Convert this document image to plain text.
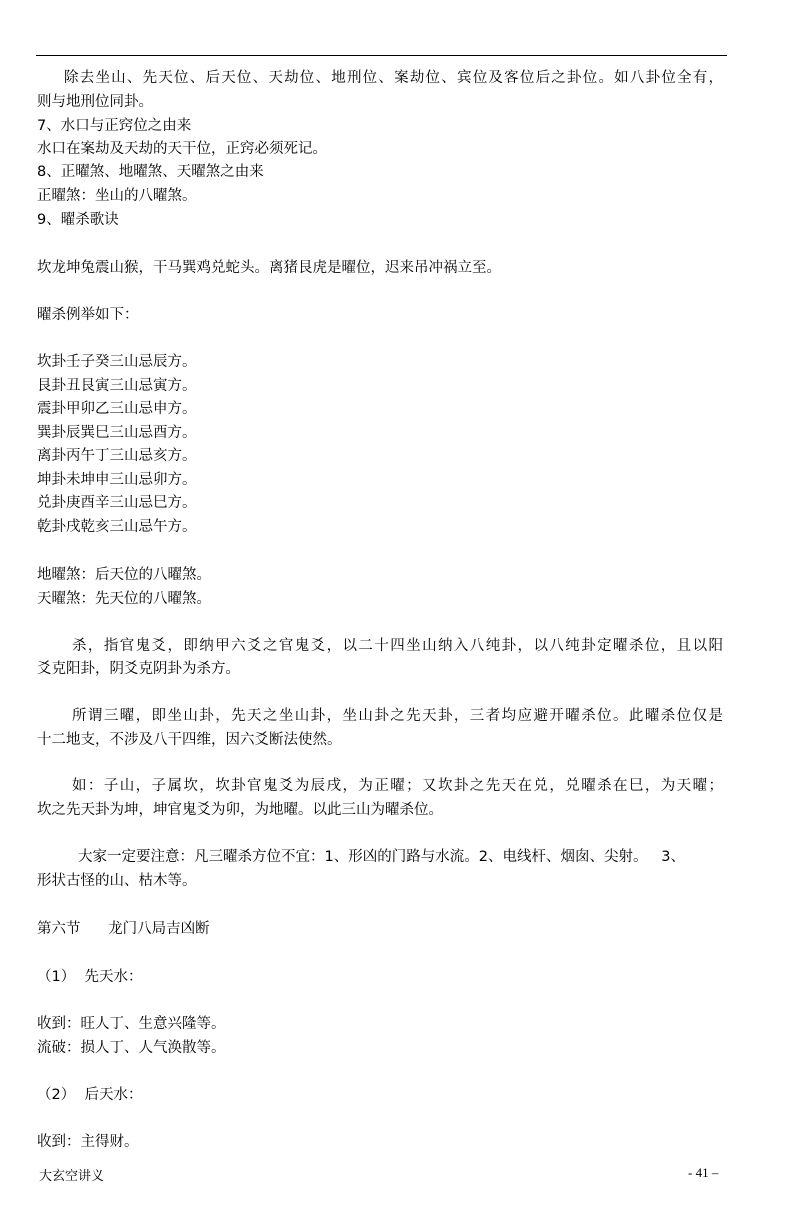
除去坐山、先天位、后天位、天劫位、地刑位、案劫位、宾位及客位后之卦位。如八卦位全有，
则与地刑位同卦。
7、水口与正窍位之由来
水口在案劫及天劫的天干位，正窍必须死记。
8、正曜煞、地曜煞、天曜煞之由来
正曜煞：坐山的八曜煞。
9、曜杀歌诀
坎龙坤兔震山猴，干马巽鸡兑蛇头。离猪艮虎是曜位，迟来吊冲祸立至。
曜杀例举如下：
坎卦壬子癸三山忌辰方。
艮卦丑艮寅三山忌寅方。
震卦甲卯乙三山忌申方。
巽卦辰巽巳三山忌酉方。
离卦丙午丁三山忌亥方。
坤卦未坤申三山忌卯方。
兑卦庚酉辛三山忌巳方。
乾卦戌乾亥三山忌午方。
地曜煞：后天位的八曜煞。
天曜煞：先天位的八曜煞。
杀，指官鬼爻，即纳甲六爻之官鬼爻，以二十四坐山纳入八纯卦，以八纯卦定曜杀位，且以阳
爻克阳卦，阴爻克阴卦为杀方。
所谓三曜，即坐山卦，先天之坐山卦，坐山卦之先天卦，三者均应避开曜杀位。此曜杀位仅是
十二地支，不涉及八干四维，因六爻断法使然。
如：子山，子属坎，坎卦官鬼爻为辰戌，为正曜；又坎卦之先天在兑，兑曜杀在巳，为天曜；
坎之先天卦为坤，坤官鬼爻为卯，为地曜。以此三山为曜杀位。
大家一定要注意：凡三曜杀方位不宜：1、形凶的门路与水流。2、电线杆、烟囱、尖射。   3、
形状古怪的山、枯木等。
第六节      龙门八局吉凶断
（1）  先天水：
收到：旺人丁、生意兴隆等。
流破：损人丁、人气涣散等。
（2）  后天水：
收到：主得财。
大玄空讲义	- 41 –
